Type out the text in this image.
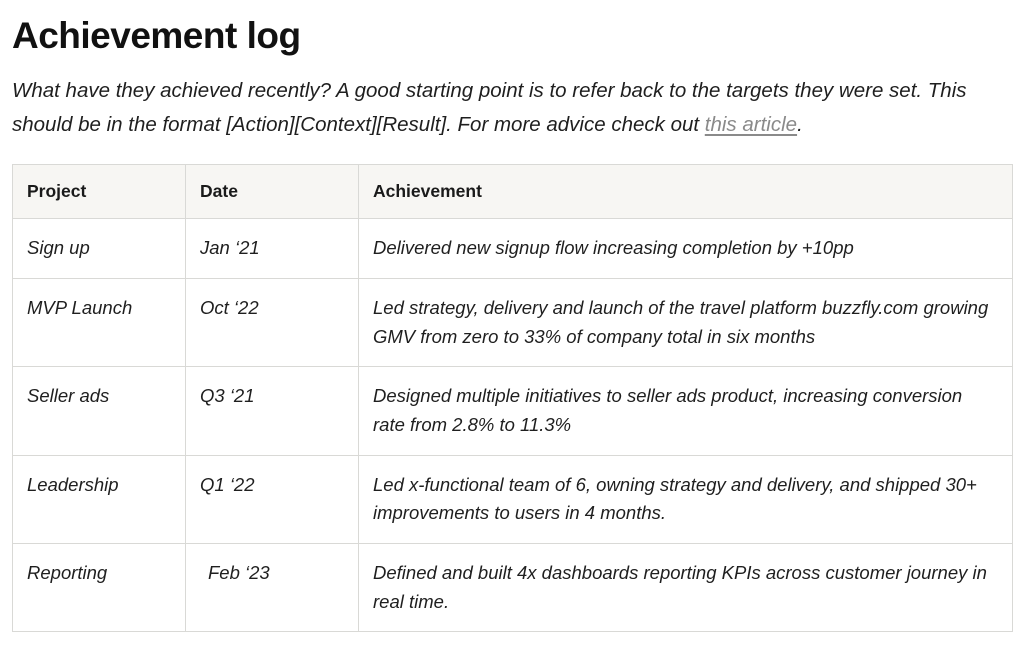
Achievement log

What have they achieved recently? A good starting point is to refer back to the targets they were set. This should be in the format [Action][Context][Result]. For more advice check out this article.

Project	Date	Achievement
Sign up	Jan ‘21	Delivered new signup flow increasing completion by +10pp
MVP Launch	Oct ‘22	Led strategy, delivery and launch of the travel platform buzzfly.com growing GMV from zero to 33% of company total in six months
Seller ads	Q3 ‘21	Designed multiple initiatives to seller ads product, increasing conversion rate from 2.8% to 11.3%
Leadership	Q1 ‘22	Led x-functional team of 6, owning strategy and delivery, and shipped 30+ improvements to users in 4 months.
Reporting	Feb ‘23	Defined and built 4x dashboards reporting KPIs across customer journey in real time.
